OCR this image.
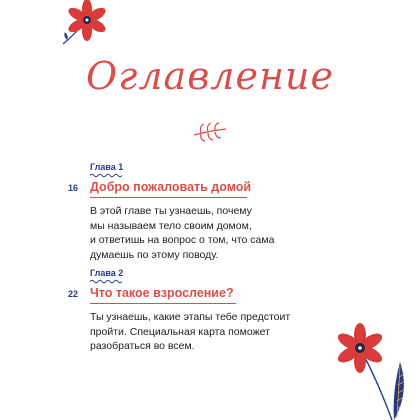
Оглавление
Глава 1
16 Добро пожаловать домой
В этой главе ты узнаешь, почему
мы называем тело своим домом,
и ответишь на вопрос о том, что сама
думаешь по этому поводу.
Глава 2
22 Что такое взросление?
Ты узнаешь, какие этапы тебе предстоит
пройти. Специальная карта поможет
разобраться во всем.
